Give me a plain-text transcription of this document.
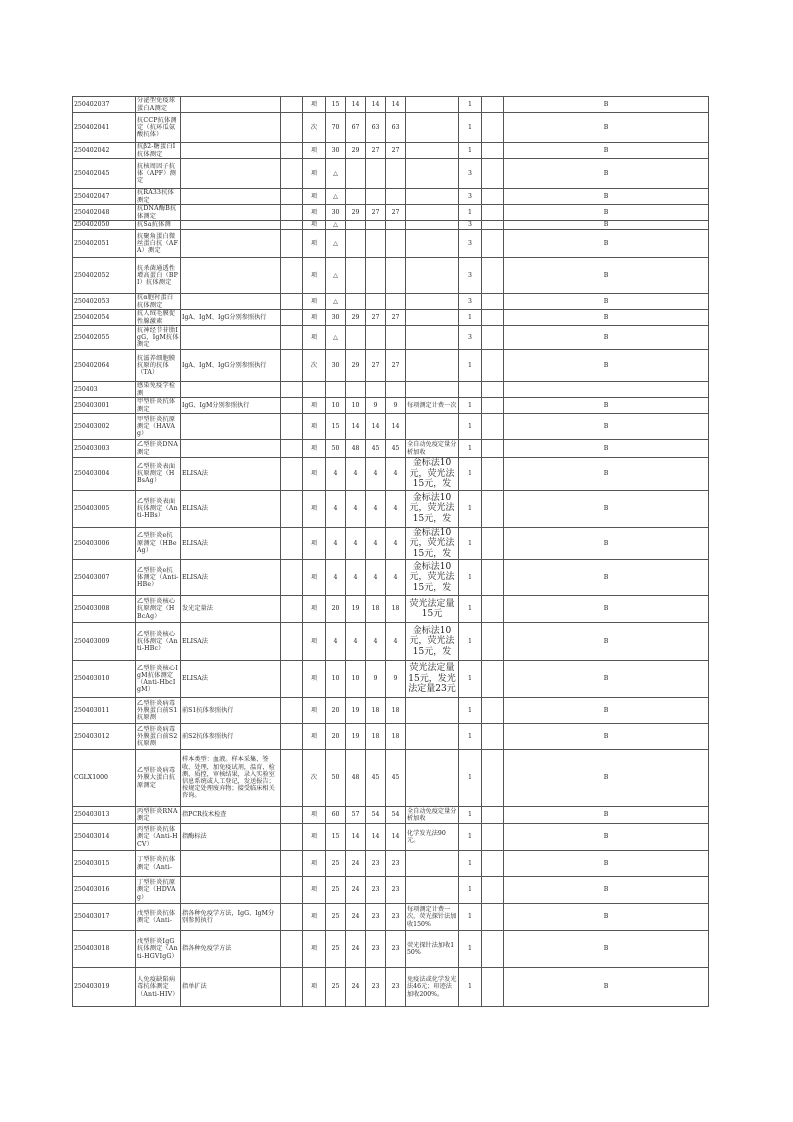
250402037	分泌型免疫球蛋白A测定			项	15	14	14	14		1		B
250402041	抗CCP抗体测定（抗环瓜氨酸抗体）			次	70	67	63	63		1		B
250402042	抗β2-糖蛋白I抗体测定			项	30	29	27	27		1		B
250402045	抗核周因子抗体（APF）测定			项	△					3		B
250402047	抗RA33抗体测定			项	△					3		B
250402048	抗DNA酶B抗体测定			项	30	29	27	27		1		B
250402050	抗Sa抗体测			项	△					3		B
250402051	抗聚角蛋白微丝蛋白抗（AFA）测定			项	△					3		B
250402052	抗杀菌通透性增高蛋白（BPI）抗体测定			项	△					3		B
250402053	抗α胞衬蛋白抗体测定			项	△					3		B
250402054	抗人绒毛膜促性腺激素	IgA、IgM、IgG分别参照执行		项	30	29	27	27		1		B
250402055	抗神经节苷脂IgG、IgM抗体测定			项	△					3		B
250402064	抗滋养细胞膜抗原的抗体（TA）	IgA、IgM、IgG分别参照执行		次	30	29	27	27		1		B
250403	感染免疫学检测											
250403001	甲型肝炎抗体测定	IgG、IgM分别参照执行		项	10	10	9	9	每项测定计费一次	1		B
250403002	甲型肝炎抗原测定（HAVAg）			项	15	14	14	14		1		B
250403003	乙型肝炎DNA测定			项	50	48	45	45	全自动免疫定量分析加收	1		B
250403004	乙型肝炎表面抗原测定（HBsAg）	ELISA法		项	4	4	4	4	金标法10元，荧光法15元，发	1		B
250403005	乙型肝炎表面抗体测定（Anti-HBs）	ELISA法		项	4	4	4	4	金标法10元，荧光法15元，发	1		B
250403006	乙型肝炎e抗原测定（HBeAg）	ELISA法		项	4	4	4	4	金标法10元，荧光法15元，发	1		B
250403007	乙型肝炎e抗体测定（Anti-HBe）	ELISA法		项	4	4	4	4	金标法10元，荧光法15元，发	1		B
250403008	乙型肝炎核心抗原测定（HBcAg）	发光定量法		项	20	19	18	18	荧光法定量15元	1		B
250403009	乙型肝炎核心抗体测定（Anti-HBc）	ELISA法		项	4	4	4	4	金标法10元，荧光法15元，发	1		B
250403010	乙型肝炎核心IgM抗体测定（Anti-HbcIgM）	ELISA法		项	10	10	9	9	荧光法定量15元，发光法定量23元	1		B
250403011	乙型肝炎病毒外膜蛋白前S1抗原测	前S1抗体参照执行		项	20	19	18	18		1		B
250403012	乙型肝炎病毒外膜蛋白前S2抗原测	前S2抗体参照执行		项	20	19	18	18		1		B
CGLX1000	乙型肝炎病毒外膜大蛋白抗原测定	样本类型：血液。样本采集、签收、处理，加免疫试剂，温育，检测，质控，审核结果，录入实验室信息系统或人工登记，发送报告；按规定处理废弃物；接受临床相关咨询。		次	50	48	45	45		1		B
250403013	丙型肝炎RNA测定	指PCR技术检查		项	60	57	54	54	全自动免疫定量分析加收	1		B
250403014	丙型肝炎抗体测定（Anti-HCV）	指酶标法		项	15	14	14	14	化学发光法90元。	1		B
250403015	丁型肝炎抗体测定（Anti-			项	25	24	23	23		1		B
250403016	丁型肝炎抗原测定（HDVAg）			项	25	24	23	23		1		B
250403017	戊型肝炎抗体测定（Anti-	指各种免疫学方法，IgG、IgM分别参照执行		项	25	24	23	23	每项测定计费一次，荧光探针法加收150%	1		B
250403018	戊型肝炎IgG抗体测定（Anti-HGVIgG）	指各种免疫学方法		项	25	24	23	23	荧光探针法加收150%	1		B
250403019	人免疫缺陷病毒抗体测定（Anti-HIV）	指单扩法		项	25	24	23	23	免疫法或化学发光法46元；印迹法加收200%。	1		B
